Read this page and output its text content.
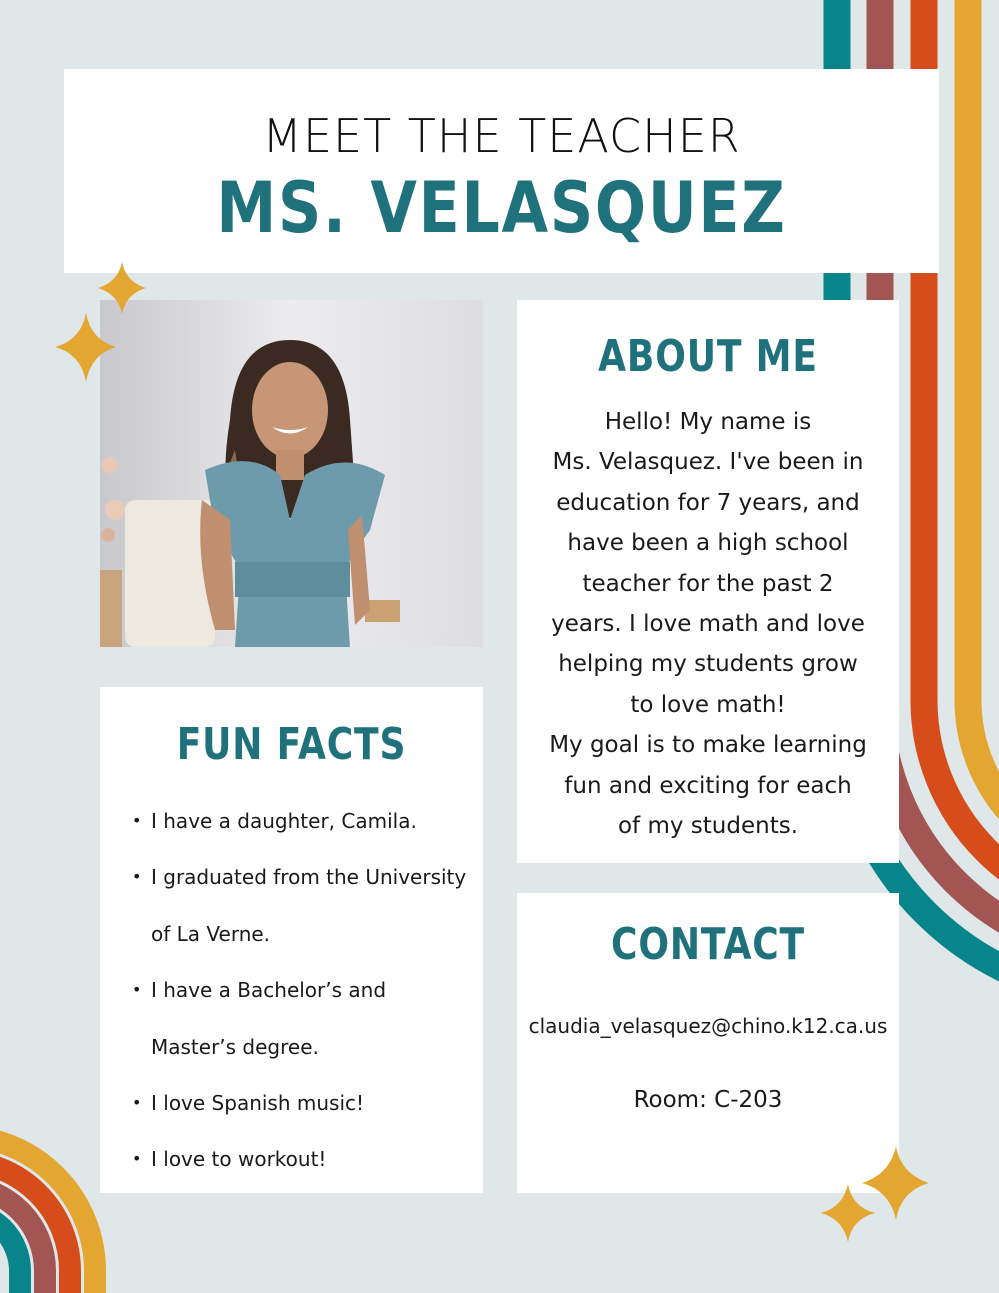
MEET THE TEACHER
MS. VELASQUEZ
ABOUT ME
Hello! My name is
Ms. Velasquez. I've been in
education for 7 years, and
have been a high school
teacher for the past 2
years. I love math and love
helping my students grow
to love math!
My goal is to make learning
fun and exciting for each
of my students.
FUN FACTS
• I have a daughter, Camila.
• I graduated from the University
of La Verne.
• I have a Bachelor’s and
Master’s degree.
• I love Spanish music!
• I love to workout!
CONTACT
claudia_velasquez@chino.k12.ca.us
Room: C-203
